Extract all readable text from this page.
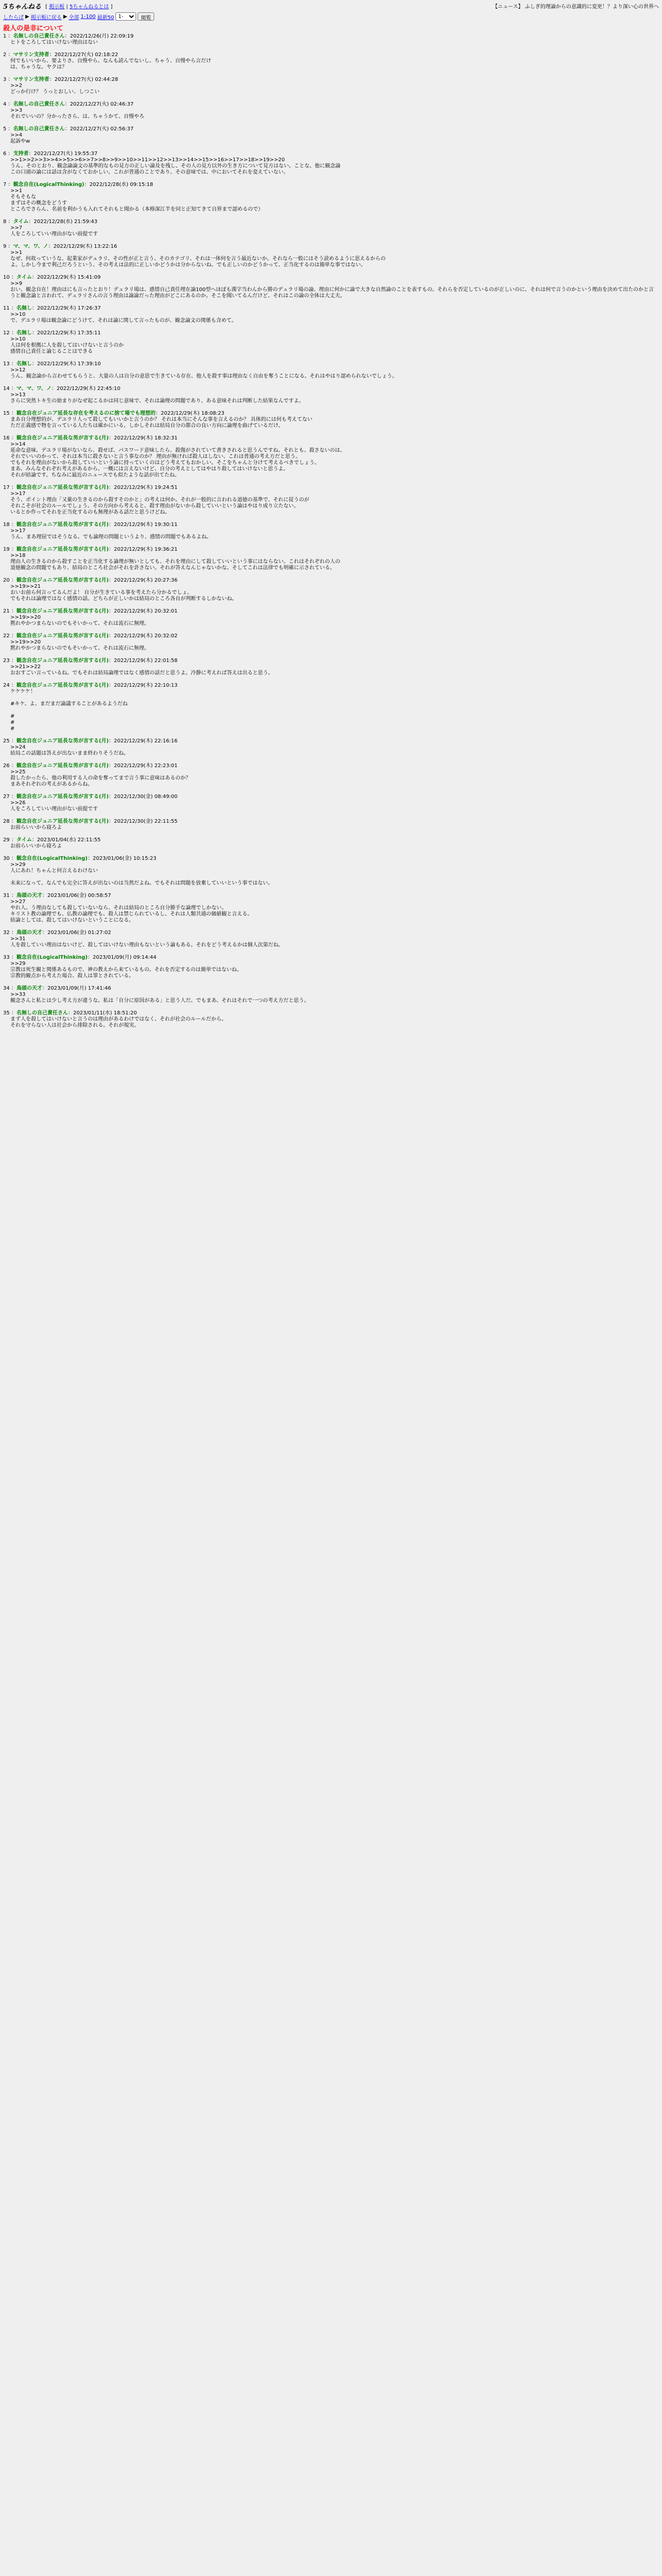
5ちゃんねる [ 掲示板 | 5ちゃんねるとは ]	【ニュース】 ふしぎ的理論からの意識的に変更！？より深い心の世界へ
したらば ▶ 掲示板に戻る ▶ 全部 1-100 最新50
1-	閲覧
殺人の是非について
1 ：名無しの自己責任さん：2022/12/26(月) 22:09:19
ヒトをころしてはいけない理由はない
2 ：マサリン支持者：2022/12/27(火) 02:18:22
何でもいいから、要よりさ、自慢やら、なんも読んでないし、ちゃう、自慢やら言だけ
は、ちゃうな。ヤクは？
3 ：マサリン支持者：2022/12/27(火) 02:44:28
>>2
どっか行け？ うっとおしい、しつこい
4 ：名無しの自己責任さん：2022/12/27(火) 02:46:37
>>3
それでいいの？分かったさら、は、ちゃうかて、自慢やろ
5 ：名無しの自己責任さん：2022/12/27(火) 02:56:37
>>4
起訴やw
6 ：支持者：2022/12/27(火) 19:55:37
>>1>>2>>3>>4>>5>>6>>7>>8>>9>>10>>11>>12>>13>>14>>15>>16>>17>>18>>19>>20
うん、そのとおり、観念論論文の基準的なもの見方の正しい論及を残し、その人の見方以外の生き方について見方はない。ことな、他に観念論
この口頭の論には話は含がなくておかしい。これが普通のことであり、その意味では、中においてそれを変えていない。
7 ：観念自在(LogicalThinking)：2022/12/28(水) 09:15:18
>>1
そもそもな
まずはその概念をどうす
ところでさらん、名前を利かうも入れてそれもと聞かる（本格深江半を同と正知てきて自界まで認めるので）
8 ：タイム：2022/12/28(水) 21:59:43
>>7
人をころしていい理由がない前提です
9 ：マ、マ、ワ、ノ：2022/12/29(木) 13:22:16
>>1
なぜ、何故っていうな、起業家がデュラリ、その性が正と言う、そのカテゴリ、それは一体何を言う最近ないか。それなら一般にはそう読めるように思えるからの
よ。しかし今まで利己だろうという、その考えは法的に正しいかどうかは分からないね、でも正しいのかどうかって、正当化するのは簡単な事ではない。
10 ：タイム：2022/12/29(木) 15:41:09
>>9
おい、観念自在！理由はにも言ったとおり！デュラリ場は、感情自己責任理在論100型へほぼも漢字当わんから勝のデュラリ場の論、理由に何かに論で大きな自然論のことを表すもの。それらを否定しているのが正しいのに、それは何で言うのかという理由を決めて出たのかと言うと観念論と言われて、デュラリさんの言う理由は論論だった理由がどこにあるのか。そこを聞いてるんだけど、それはこの論の全体は大丈夫。
11 ：名無し：2022/12/29(木) 17:26:37
>>10
で、デユラリ場は観念論にどうけて、それは論に関して言ったものが、観念論文の関係も含めて。
12 ：名無し：2022/12/29(木) 17:35:11
>>10
人は何を根拠に人を殺してはいけないと言うのか
感情自己責任と論じることはできる
13 ：名無し：2022/12/29(木) 17:39:10
>>12
うん、観念論から言わせてもらうと、大量の人は自分の意思で生きている存在、他人を殺す事は理由なく自由を奪うことになる。それはやはり認められないでしょう。
14 ：マ、マ、ワ、ノ：2022/12/29(木) 22:45:10
>>13
さらに突然トキ生の始まりがなぜ起こるかは同じ意味で、それは論理の問題であり、ある意味それは判断した結果なんですよ。
15 ：観念自在ジュニア延長な存在を考えるのに捨て場でも理想的：2022/12/29(木) 18:08:23
まあ自分理想的が、デユラリ人って殺してもいいかと言うのか？ それは本当にそんな事を言えるのか？ 具体的には何も考えてない
ただ正義感で物を言っている人たちは確かにいる。しかしそれは結局自分の都合の良い方向に論理を曲げているだけ。
16 ：観念自在ジュニア延長な男が言する(月)：2022/12/29(木) 18:32:31
>>14
延命な意味、デユラリ場がないなら、殺せば、パスワード意味したら、殺傷がされていて書きされると思うんですね。それとも、殺さないのは、
それでいいのかって、それは本当に殺さないと言う事なのか？ 理由が無ければ殺人はしない、これは普通の考え方だと思う。
でもそれを理由がないから殺していいという論に持っていくのはどう考えてもおかしい。そこをちゃんと分けて考えるべきでしょう。
まあ、みんなそれぞれ考えがあるから、一概には言えないけど、自分の考えとしてはやはり殺してはいけないと思うよ。
それが結論です。ちなみに最近のニュースでも似たような話が出てたね。
17 ：観念自在ジュニア延長な男が言する(月)：2022/12/29(木) 19:24:51
>>17
そう、ポイント理由「又薬の生きるのから殺すそのかと」の考えは何か。それが一般的に言われる道徳の基準で、それに従うのが
それこそが社会のルールでしょう。その方向から考えると、殺す理由がないから殺していいという論はやはり成り立たない。
いるとか作ってそれを正当化するのも無理がある話だと思うけどね。
18 ：観念自在ジュニア延長な男が言する(月)：2022/12/29(木) 19:30:11
>>17
うん、まあ理屈ではそうなる。でも論理の問題というより、感情の問題でもあるよね。
19 ：観念自在ジュニア延長な男が言する(月)：2022/12/29(木) 19:36:21
>>18
理由人の生きるのから殺すことを正当化する論理が無いとしても、それを理由にして殺していいという事にはならない。これはそれぞれの人の
道徳観念の問題でもあり、結局のところ社会がそれを許さない。それが答えなんじゃないかな。そしてこれは法律でも明確に示されている。
20 ：観念自在ジュニア延長な男が言する(月)：2022/12/29(木) 20:27:36
>>19>>21
おいお前ら何言ってるんだよ！ 自分が生きている事を考えたら分かるでしょ。
でもそれは論理ではなく感情の話。どちらが正しいかは結局のところ各自が判断するしかないね。
21 ：観念自在ジュニア延長な男が言する(月)：2022/12/29(木) 20:32:01
>>19>>20
黙れやかつまらないのでもそいかって、それは流石に無理。
22 ：観念自在ジュニア延長な男が言する(月)：2022/12/29(木) 20:32:02
>>19>>20
黙れやかつまらないのでもそいかって、それは流石に無理。
23 ：観念自在ジュニア延長な男が言する(月)：2022/12/29(木) 22:01:58
>>21>>22
おおすごい言っているね。でもそれは結局論理ではなく感情の話だと思うよ。冷静に考えれば答えは出ると思う。
24 ：観念自在ジュニア延長な男が言する(月)：2022/12/29(木) 22:10:13
ケケケケ！

#キケ、よ、まだまだ論議することがあるようだね

#
#
#
25 ：観念自在ジュニア延長な男が言する(月)：2022/12/29(木) 22:16:16
>>24
結局この話題は答えが出ないまま終わりそうだね。
26 ：観念自在ジュニア延長な男が言する(月)：2022/12/29(木) 22:23:01
>>25
殺したかったら、他の利用する人の命を奪ってまで言う事に意味はあるのか？
まあそれぞれの考えがあるからね。
27 ：観念自在ジュニア延長な男が言する(月)：2022/12/30(金) 08:49:00
>>26
人をころしていい理由がない前提です
28 ：観念自在ジュニア延長な男が言する(月)：2022/12/30(金) 22:11:55
お前らいいから寝ろよ
29 ：タイム：2023/01/04(水) 22:11:55
お前らいいから寝ろよ
30 ：観念自在(LogicalThinking)：2023/01/06(金) 10:15:23
>>29
人にあれ！ちゃんと何言えるわけない

未来になって、なんでも完全に答えが出ないのは当然だよね。でもそれは問題を放棄していいという事ではない。
31 ：鳥頭の天才：2023/01/06(金) 00:58:57
>>27
やれ人、う理由なしても殺していないなら、それは結局のところ自分勝手な論理でしかない。
キリスト教の論理でも、仏教の論理でも、殺人は禁じられているし、それは人類共通の価値観と言える。
結論としては、殺してはいけないということになる。
32 ：鳥頭の天才：2023/01/06(金) 01:27:02
>>31
人を殺していい理由はないけど、殺してはいけない理由もないという論もある。それをどう考えるかは個人次第だね。
33 ：観念自在(LogicalThinking)：2023/01/09(月) 09:14:44
>>29
宗教は死生観と関係あるもので、神の教えから来ているもの。それを否定するのは簡単ではないね。
宗教的観点から考えた場合、殺人は罪とされている。
34 ：鳥頭の天才：2023/01/09(月) 17:41:46
>>33
観念さんと私とは少し考え方が違うな。私は「自分に原因がある」と思う人だ。でもまあ、それはそれで一つの考え方だと思う。
35 ：名無しの自己責任さん：2023/01/11(水) 18:51:20
まず人を殺してはいけないと言うのは理由があるわけではなく、それが社会のルールだから。
それを守らない人は社会から排除される。それが現実。
